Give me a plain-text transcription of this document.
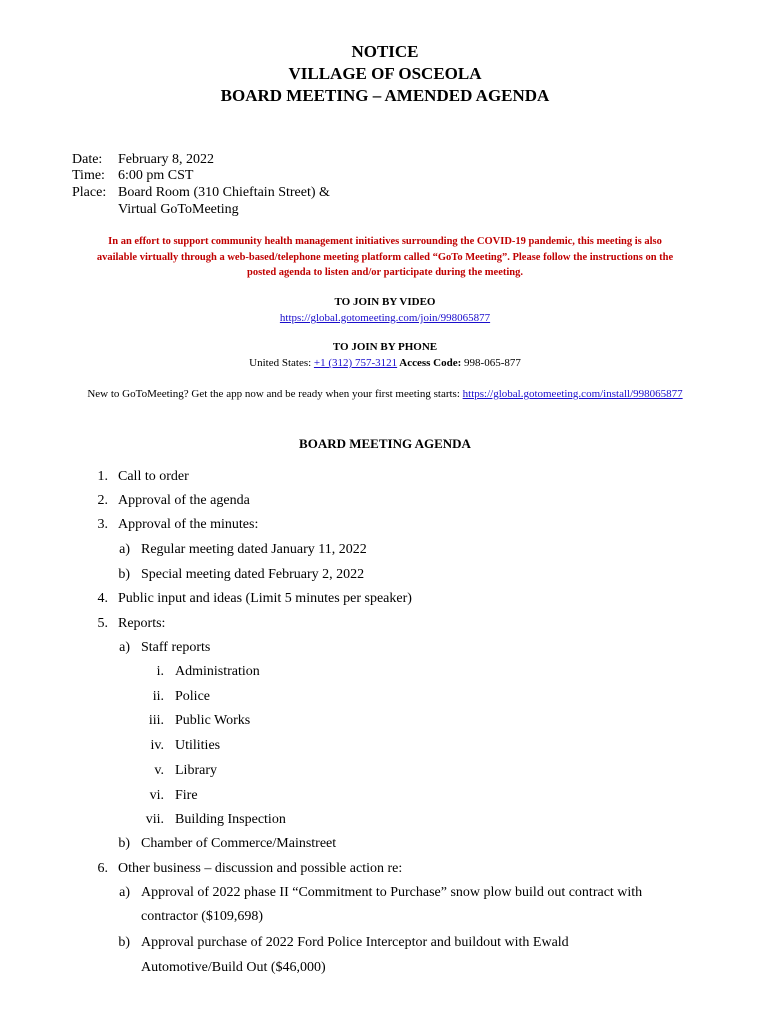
NOTICE
VILLAGE OF OSCEOLA
BOARD MEETING – AMENDED AGENDA
Date: February 8, 2022
Time: 6:00 pm CST
Place: Board Room (310 Chieftain Street) &
Virtual GoToMeeting
In an effort to support community health management initiatives surrounding the COVID-19 pandemic, this meeting is also
available virtually through a web-based/telephone meeting platform called “GoTo Meeting”. Please follow the instructions on the
posted agenda to listen and/or participate during the meeting.
TO JOIN BY VIDEO
https://global.gotomeeting.com/join/998065877
TO JOIN BY PHONE
United States: +1 (312) 757-3121 Access Code: 998-065-877
New to GoToMeeting? Get the app now and be ready when your first meeting starts: https://global.gotomeeting.com/install/998065877
BOARD MEETING AGENDA
1. Call to order
2. Approval of the agenda
3. Approval of the minutes:
a) Regular meeting dated January 11, 2022
b) Special meeting dated February 2, 2022
4. Public input and ideas (Limit 5 minutes per speaker)
5. Reports:
a) Staff reports
i. Administration
ii. Police
iii. Public Works
iv. Utilities
v. Library
vi. Fire
vii. Building Inspection
b) Chamber of Commerce/Mainstreet
6. Other business – discussion and possible action re:
a) Approval of 2022 phase II “Commitment to Purchase” snow plow build out contract with
contractor ($109,698)
b) Approval purchase of 2022 Ford Police Interceptor and buildout with Ewald
Automotive/Build Out ($46,000)
